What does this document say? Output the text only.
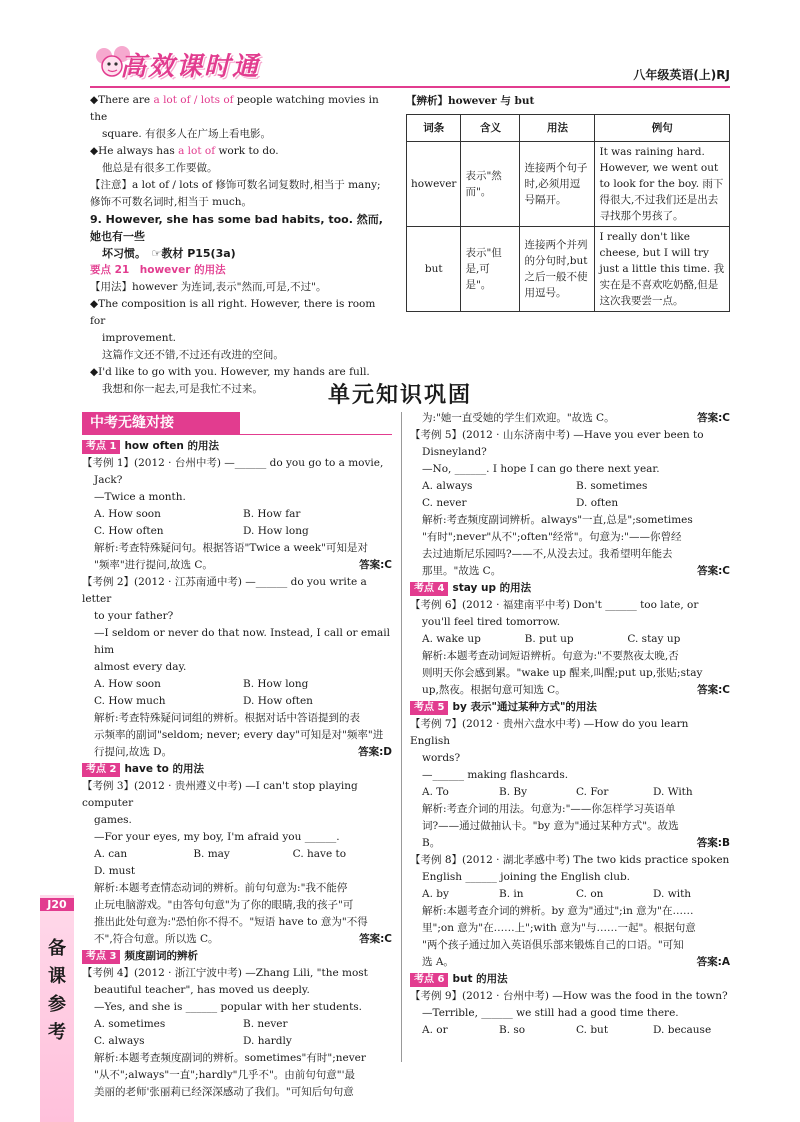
高效课时通	八年级英语(上)RJ
J20
备
课
参
考

◆There are a lot of / lots of people watching movies in the

square. 有很多人在广场上看电影。

◆He always has a lot of work to do.

他总是有很多工作要做。

【注意】a lot of / lots of 修饰可数名词复数时,相当于 many;

修饰不可数名词时,相当于 much。

9. However, she has some bad habits, too. 然而,她也有一些

坏习惯。　 ☞教材 P15(3a)

要点 21　however 的用法

【用法】however 为连词,表示"然而,可是,不过"。

◆The composition is all right. However, there is room for

improvement.

这篇作文还不错,不过还有改进的空间。

◆I'd like to go with you. However, my hands are full.

我想和你一起去,可是我忙不过来。

【辨析】however 与 but
词条	含义	用法	例句
however	表示"然而"。	连接两个句子时,必须用逗号隔开。	It was raining hard. However, we went out to look for the boy. 雨下得很大,不过我们还是出去寻找那个男孩了。
but	表示"但是,可是"。	连接两个并列的分句时,but 之后一般不使用逗号。	I really don't like cheese, but I will try just a little this time. 我实在是不喜欢吃奶酪,但是这次我要尝一点。
单元知识巩固
中考无缝对接

考点 1 how often 的用法

【考例 1】(2012 · 台州中考) —______ do you go to a movie,

Jack?

—Twice a month.

A. How soon	B. How far

C. How often	D. How long

解析:考查特殊疑问句。根据答语"Twice a week"可知是对

"频率"进行提问,故选 C。	答案:C

【考例 2】(2012 · 江苏南通中考) —______ do you write a letter

to your father?

—I seldom or never do that now. Instead, I call or email him

almost every day.

A. How soon	B. How long

C. How much	D. How often

解析:考查特殊疑问词组的辨析。根据对话中答语提到的表

示频率的副词"seldom; never; every day"可知是对"频率"进

行提问,故选 D。	答案:D

考点 2 have to 的用法

【考例 3】(2012 · 贵州遵义中考) —I can't stop playing computer

games.

—For your eyes, my boy, I'm afraid you ______.

A. can	B. may	C. have to

D. must

解析:本题考查情态动词的辨析。前句句意为:"我不能停

止玩电脑游戏。"由答句句意"为了你的眼睛,我的孩子"可

推出此处句意为:"恐怕你不得不。"短语 have to 意为"不得

不",符合句意。所以选 C。	答案:C

考点 3 频度副词的辨析

【考例 4】(2012 · 浙江宁波中考) —Zhang Lili, "the most

beautiful teacher", has moved us deeply.

—Yes, and she is ______ popular with her students.

A. sometimes	B. never

C. always	D. hardly

解析:本题考查频度副词的辨析。sometimes"有时";never

"从不";always"一直";hardly"几乎不"。由前句句意"'最

美丽的老师'张丽莉已经深深感动了我们。"可知后句句意

为:"她一直受她的学生们欢迎。"故选 C。	答案:C

【考例 5】(2012 · 山东济南中考) —Have you ever been to

Disneyland?

—No, ______. I hope I can go there next year.

A. always	B. sometimes

C. never	D. often

解析:考查频度副词辨析。always"一直,总是";sometimes

"有时";never"从不";often"经常"。句意为:"——你曾经

去过迪斯尼乐园吗?——不,从没去过。我希望明年能去

那里。"故选 C。	答案:C

考点 4 stay up 的用法

【考例 6】(2012 · 福建南平中考) Don't ______ too late, or

you'll feel tired tomorrow.

A. wake up	B. put up	C. stay up

解析:本题考查动词短语辨析。句意为:"不要熬夜太晚,否

则明天你会感到累。"wake up 醒来,叫醒;put up,张贴;stay

up,熬夜。根据句意可知选 C。	答案:C

考点 5 by 表示"通过某种方式"的用法

【考例 7】(2012 · 贵州六盘水中考) —How do you learn English

words?

—______ making flashcards.

A. To	B. By	C. For	D. With

解析:考查介词的用法。句意为:"——你怎样学习英语单

词?——通过做抽认卡。"by 意为"通过某种方式"。故选

B。	答案:B

【考例 8】(2012 · 湖北孝感中考) The two kids practice spoken

English ______ joining the English club.

A. by	B. in	C. on	D. with

解析:本题考查介词的辨析。by 意为"通过";in 意为"在……

里";on 意为"在……上";with 意为"与……一起"。根据句意

"两个孩子通过加入英语俱乐部来锻炼自己的口语。"可知

选 A。	答案:A

考点 6 but 的用法

【考例 9】(2012 · 台州中考) —How was the food in the town?

—Terrible, ______ we still had a good time there.

A. or	B. so	C. but	D. because
